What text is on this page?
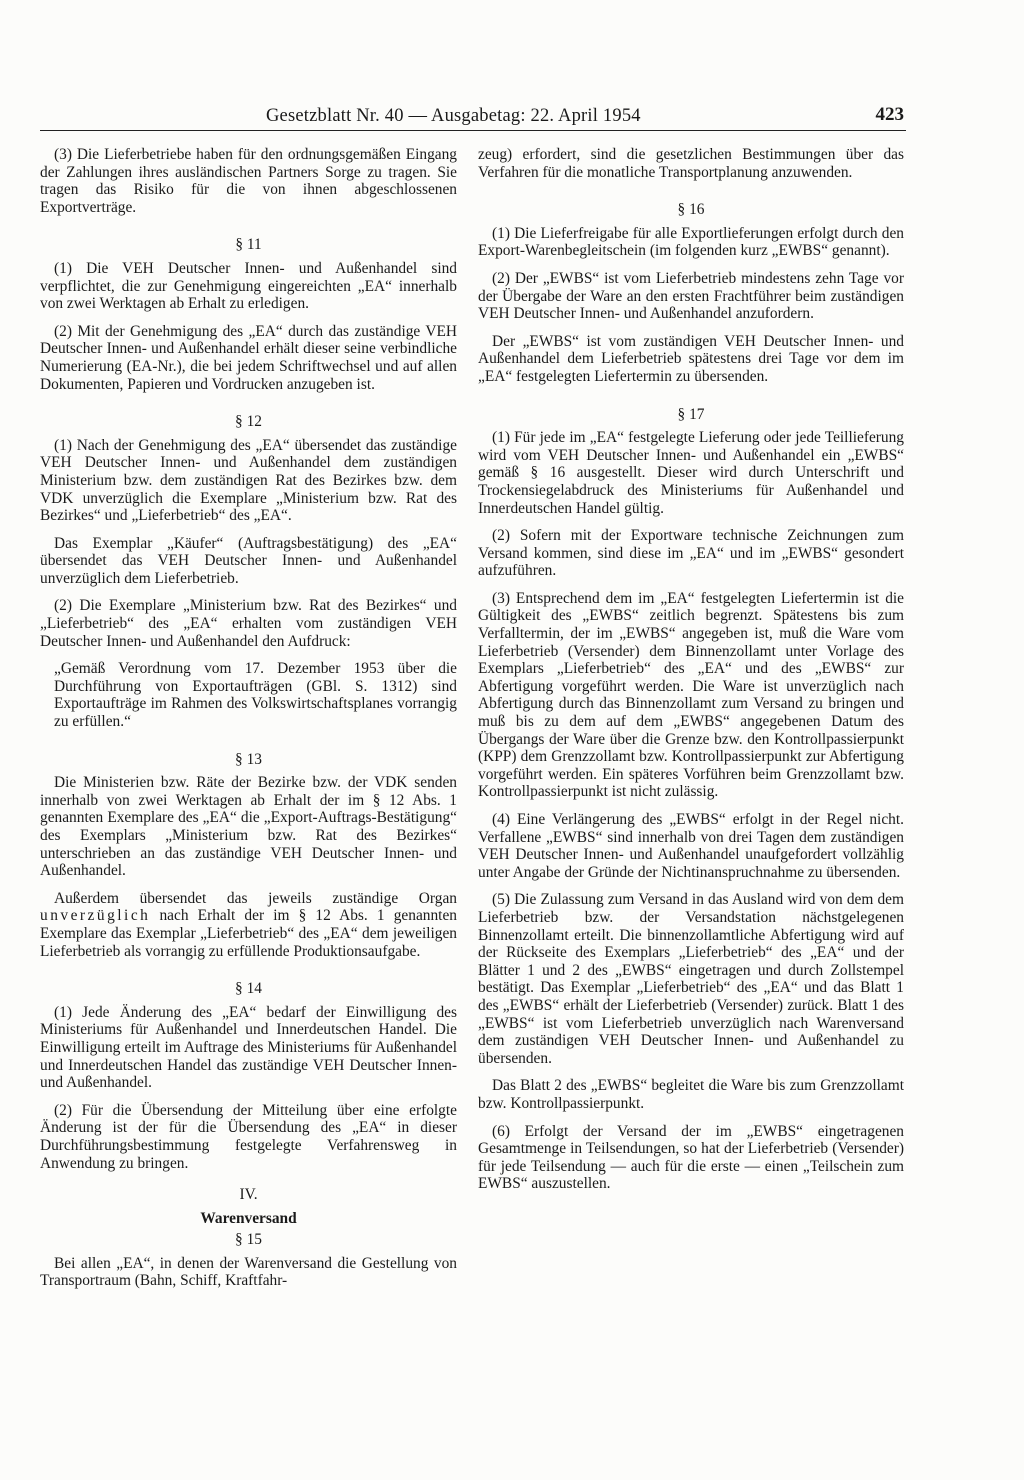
Gesetzblatt Nr. 40 — Ausgabetag: 22. April 1954	423

(3) Die Lieferbetriebe haben für den ordnungsgemäßen Eingang der Zahlungen ihres ausländischen Partners Sorge zu tragen. Sie tragen das Risiko für die von ihnen abgeschlossenen Exportverträge.

§ 11

(1) Die VEH Deutscher Innen- und Außenhandel sind verpflichtet, die zur Genehmigung eingereichten „EA“ innerhalb von zwei Werktagen ab Erhalt zu erledigen.

(2) Mit der Genehmigung des „EA“ durch das zuständige VEH Deutscher Innen- und Außenhandel erhält dieser seine verbindliche Numerierung (EA-Nr.), die bei jedem Schriftwechsel und auf allen Dokumenten, Papieren und Vordrucken anzugeben ist.

§ 12

(1) Nach der Genehmigung des „EA“ übersendet das zuständige VEH Deutscher Innen- und Außenhandel dem zuständigen Ministerium bzw. dem zuständigen Rat des Bezirkes bzw. dem VDK unverzüglich die Exemplare „Ministerium bzw. Rat des Bezirkes“ und „Lieferbetrieb“ des „EA“.

Das Exemplar „Käufer“ (Auftragsbestätigung) des „EA“ übersendet das VEH Deutscher Innen- und Außenhandel unverzüglich dem Lieferbetrieb.

(2) Die Exemplare „Ministerium bzw. Rat des Bezirkes“ und „Lieferbetrieb“ des „EA“ erhalten vom zuständigen VEH Deutscher Innen- und Außenhandel den Aufdruck:

„Gemäß Verordnung vom 17. Dezember 1953 über die Durchführung von Exportaufträgen (GBl. S. 1312) sind Exportaufträge im Rahmen des Volkswirtschaftsplanes vorrangig zu erfüllen.“

§ 13

Die Ministerien bzw. Räte der Bezirke bzw. der VDK senden innerhalb von zwei Werktagen ab Erhalt der im § 12 Abs. 1 genannten Exemplare des „EA“ die „Export-Auftrags-Bestätigung“ des Exemplars „Ministerium bzw. Rat des Bezirkes“ unterschrieben an das zuständige VEH Deutscher Innen- und Außenhandel.

Außerdem übersendet das jeweils zuständige Organ unverzüglich nach Erhalt der im § 12 Abs. 1 genannten Exemplare das Exemplar „Lieferbetrieb“ des „EA“ dem jeweiligen Lieferbetrieb als vorrangig zu erfüllende Produktionsaufgabe.

§ 14

(1) Jede Änderung des „EA“ bedarf der Einwilligung des Ministeriums für Außenhandel und Innerdeutschen Handel. Die Einwilligung erteilt im Auftrage des Ministeriums für Außenhandel und Innerdeutschen Handel das zuständige VEH Deutscher Innen- und Außenhandel.

(2) Für die Übersendung der Mitteilung über eine erfolgte Änderung ist der für die Übersendung des „EA“ in dieser Durchführungsbestimmung festgelegte Verfahrensweg in Anwendung zu bringen.

IV.

Warenversand

§ 15

Bei allen „EA“, in denen der Warenversand die Gestellung von Transportraum (Bahn, Schiff, Kraftfahr-

zeug) erfordert, sind die gesetzlichen Bestimmungen über das Verfahren für die monatliche Transportplanung anzuwenden.

§ 16

(1) Die Lieferfreigabe für alle Exportlieferungen erfolgt durch den Export-Warenbegleitschein (im folgenden kurz „EWBS“ genannt).

(2) Der „EWBS“ ist vom Lieferbetrieb mindestens zehn Tage vor der Übergabe der Ware an den ersten Frachtführer beim zuständigen VEH Deutscher Innen- und Außenhandel anzufordern.

Der „EWBS“ ist vom zuständigen VEH Deutscher Innen- und Außenhandel dem Lieferbetrieb spätestens drei Tage vor dem im „EA“ festgelegten Liefertermin zu übersenden.

§ 17

(1) Für jede im „EA“ festgelegte Lieferung oder jede Teillieferung wird vom VEH Deutscher Innen- und Außenhandel ein „EWBS“ gemäß § 16 ausgestellt. Dieser wird durch Unterschrift und Trockensiegelabdruck des Ministeriums für Außenhandel und Innerdeutschen Handel gültig.

(2) Sofern mit der Exportware technische Zeichnungen zum Versand kommen, sind diese im „EA“ und im „EWBS“ gesondert aufzuführen.

(3) Entsprechend dem im „EA“ festgelegten Liefertermin ist die Gültigkeit des „EWBS“ zeitlich begrenzt. Spätestens bis zum Verfalltermin, der im „EWBS“ angegeben ist, muß die Ware vom Lieferbetrieb (Versender) dem Binnenzollamt unter Vorlage des Exemplars „Lieferbetrieb“ des „EA“ und des „EWBS“ zur Abfertigung vorgeführt werden. Die Ware ist unverzüglich nach Abfertigung durch das Binnenzollamt zum Versand zu bringen und muß bis zu dem auf dem „EWBS“ angegebenen Datum des Übergangs der Ware über die Grenze bzw. den Kontrollpassierpunkt (KPP) dem Grenzzollamt bzw. Kontrollpassierpunkt zur Abfertigung vorgeführt werden. Ein späteres Vorführen beim Grenzzollamt bzw. Kontrollpassierpunkt ist nicht zulässig.

(4) Eine Verlängerung des „EWBS“ erfolgt in der Regel nicht. Verfallene „EWBS“ sind innerhalb von drei Tagen dem zuständigen VEH Deutscher Innen- und Außenhandel unaufgefordert vollzählig unter Angabe der Gründe der Nichtinanspruchnahme zu übersenden.

(5) Die Zulassung zum Versand in das Ausland wird von dem dem Lieferbetrieb bzw. der Versandstation nächstgelegenen Binnenzollamt erteilt. Die binnenzollamtliche Abfertigung wird auf der Rückseite des Exemplars „Lieferbetrieb“ des „EA“ und der Blätter 1 und 2 des „EWBS“ eingetragen und durch Zollstempel bestätigt. Das Exemplar „Lieferbetrieb“ des „EA“ und das Blatt 1 des „EWBS“ erhält der Lieferbetrieb (Versender) zurück. Blatt 1 des „EWBS“ ist vom Lieferbetrieb unverzüglich nach Warenversand dem zuständigen VEH Deutscher Innen- und Außenhandel zu übersenden.

Das Blatt 2 des „EWBS“ begleitet die Ware bis zum Grenzzollamt bzw. Kontrollpassierpunkt.

(6) Erfolgt der Versand der im „EWBS“ eingetragenen Gesamtmenge in Teilsendungen, so hat der Lieferbetrieb (Versender) für jede Teilsendung — auch für die erste — einen „Teilschein zum EWBS“ auszustellen.
